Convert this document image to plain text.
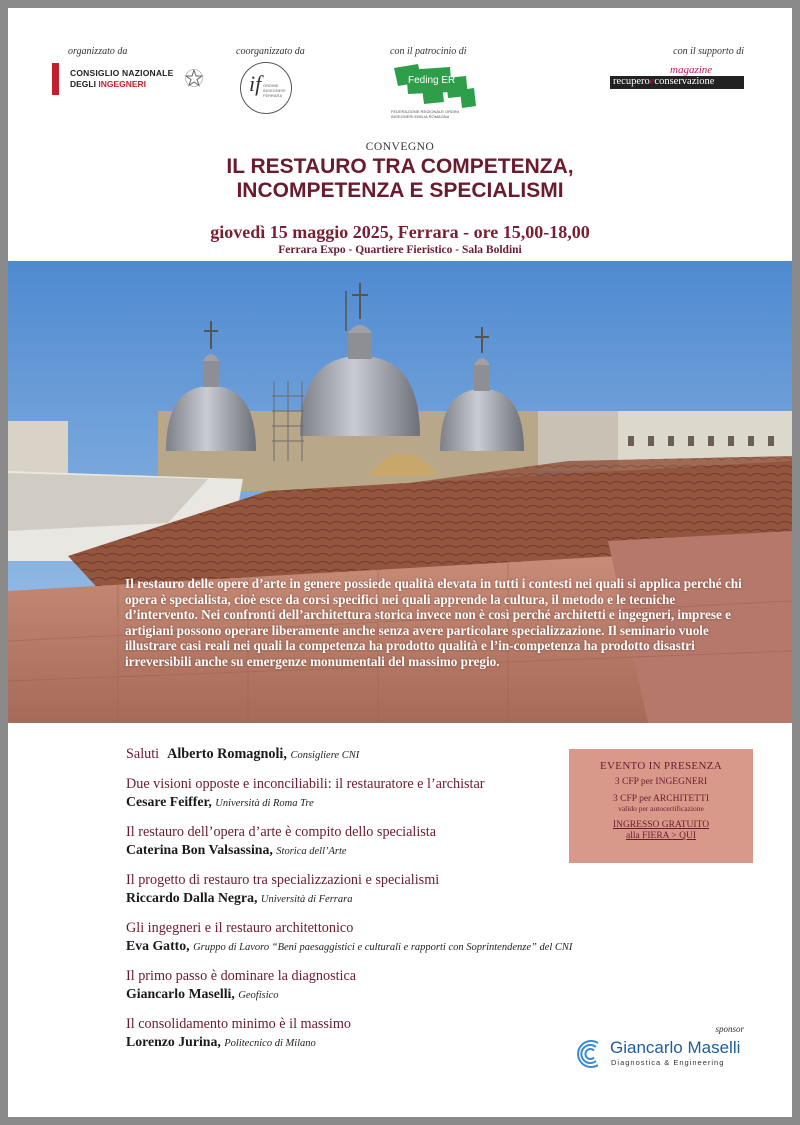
organizzato da	coorganizzato da	con il patrocinio di	con il supporto di
CONSIGLIO NAZIONALE
DEGLI INGEGNERI	if ORDINE INGEGNERI FERRARA
Feding ER
FEDERAZIONE REGIONALE ORDINI INGEGNERI EMILIA ROMAGNA
magazine
recuperoeconservazione
CONVEGNO
IL RESTAURO TRA COMPETENZA,
INCOMPETENZA E SPECIALISMI
giovedì 15 maggio 2025, Ferrara - ore 15,00-18,00
Ferrara Expo - Quartiere Fieristico - Sala Boldini
Il restauro delle opere d’arte in genere possiede qualità elevata in tutti i contesti nei quali si applica perché chi opera è specialista, cioè esce da corsi specifici nei quali apprende la cultura, il metodo e le tecniche d’intervento. Nei confronti dell’architettura storica invece non è così perché architetti e ingegneri, imprese e artigiani possono operare liberamente anche senza avere particolare specializzazione. Il seminario vuole illustrare casi reali nei quali la competenza ha prodotto qualità e l’in-competenza ha prodotto disastri irreversibili anche su emergenze monumentali del massimo pregio.
Saluti Alberto Romagnoli, Consigliere CNI
Due visioni opposte e inconciliabili: il restauratore e l’archistar
Cesare Feiffer, Università di Roma Tre
Il restauro dell’opera d’arte è compito dello specialista
Caterina Bon Valsassina, Storica dell’Arte
Il progetto di restauro tra specializzazioni e specialismi
Riccardo Dalla Negra, Università di Ferrara
Gli ingegneri e il restauro architettonico
Eva Gatto, Gruppo di Lavoro “Beni paesaggistici e culturali e rapporti con Soprintendenze” del CNI
Il primo passo è dominare la diagnostica
Giancarlo Maselli, Geofisico
Il consolidamento minimo è il massimo
Lorenzo Jurina, Politecnico di Milano
EVENTO IN PRESENZA
3 CFP per INGEGNERI
3 CFP per ARCHITETTI
valido per autocertificazione
INGRESSO GRATUITO
alla FIERA > QUI
sponsor
Giancarlo Maselli
Diagnostica & Engineering
